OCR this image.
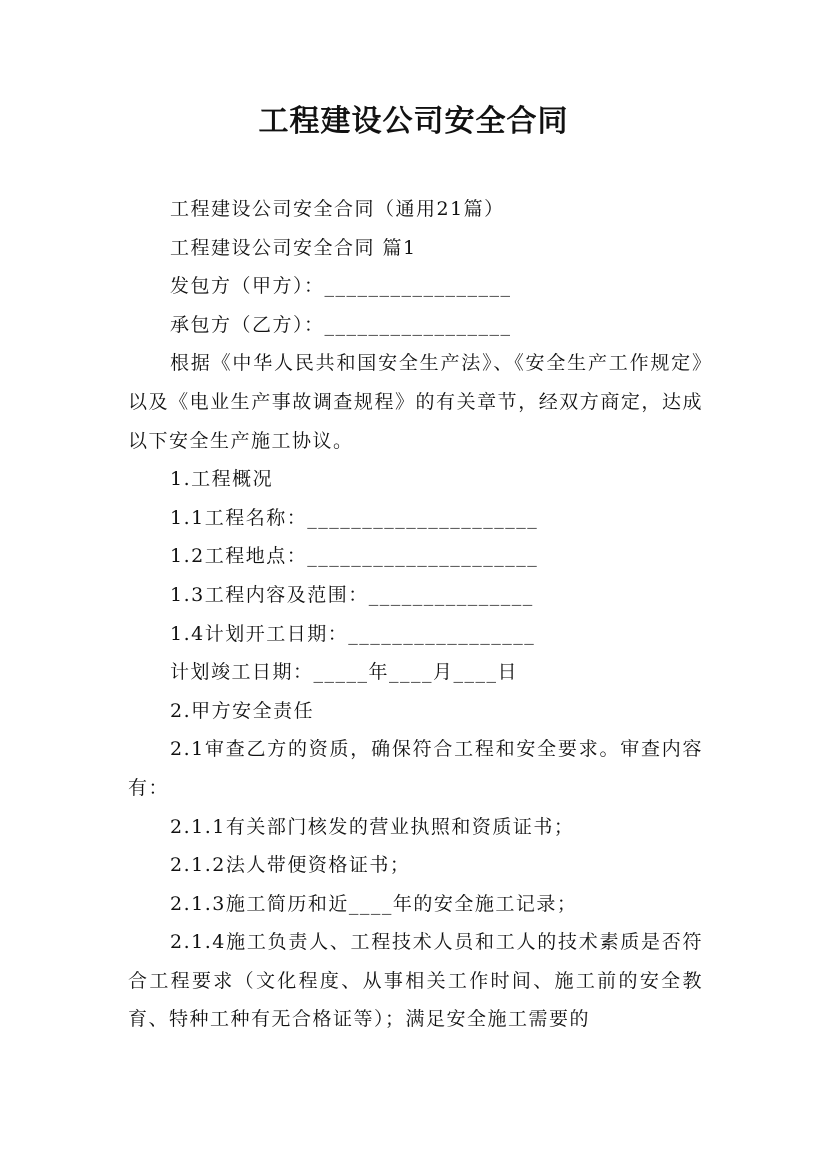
工程建设公司安全合同

工程建设公司安全合同（通用21篇）

工程建设公司安全合同 篇1

发包方（甲方）：_________________

承包方（乙方）：_________________

根据《中华人民共和国安全生产法》、《安全生产工作规定》以及《电业生产事故调查规程》的有关章节，经双方商定，达成以下安全生产施工协议。

1.工程概况

1.1工程名称：_____________________

1.2工程地点：_____________________

1.3工程内容及范围：_______________

1.4计划开工日期：_________________

计划竣工日期：_____年____月____日

2.甲方安全责任

2.1审查乙方的资质，确保符合工程和安全要求。审查内容有：

2.1.1有关部门核发的营业执照和资质证书；

2.1.2法人带便资格证书；

2.1.3施工简历和近____年的安全施工记录；

2.1.4施工负责人、工程技术人员和工人的技术素质是否符合工程要求（文化程度、从事相关工作时间、施工前的安全教育、特种工种有无合格证等）；满足安全施工需要的
